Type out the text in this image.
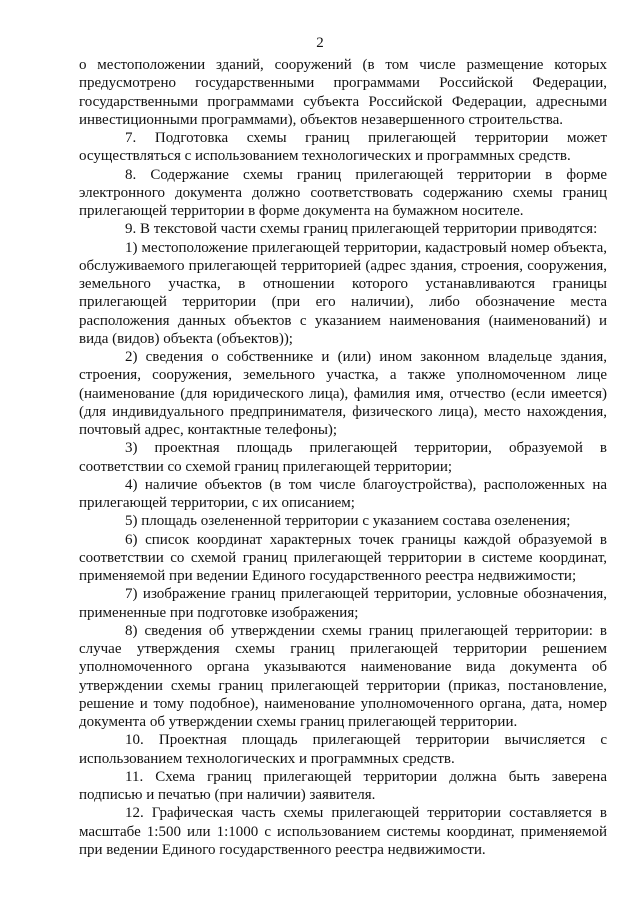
2

о местоположении зданий, сооружений (в том числе размещение которых предусмотрено государственными программами Российской Федерации, государственными программами субъекта Российской Федерации, адресными инвестиционными программами), объектов незавершенного строительства.

7. Подготовка схемы границ прилегающей территории может осуществляться с использованием технологических и программных средств.

8. Содержание схемы границ прилегающей территории в форме электронного документа должно соответствовать содержанию схемы границ прилегающей территории в форме документа на бумажном носителе.

9. В текстовой части схемы границ прилегающей территории приводятся:

1) местоположение прилегающей территории, кадастровый номер объекта, обслуживаемого прилегающей территорией (адрес здания, строения, сооружения, земельного участка, в отношении которого устанавливаются границы прилегающей территории (при его наличии), либо обозначение места расположения данных объектов с указанием наименования (наименований) и вида (видов) объекта (объектов));

2) сведения о собственнике и (или) ином законном владельце здания, строения, сооружения, земельного участка, а также уполномоченном лице (наименование (для юридического лица), фамилия имя, отчество (если имеется) (для индивидуального предпринимателя, физического лица), место нахождения, почтовый адрес, контактные телефоны);

3) проектная площадь прилегающей территории, образуемой в соответствии со схемой границ прилегающей территории;

4) наличие объектов (в том числе благоустройства), расположенных на прилегающей территории, с их описанием;

5) площадь озелененной территории с указанием состава озеленения;

6) список координат характерных точек границы каждой образуемой в соответствии со схемой границ прилегающей территории в системе координат, применяемой при ведении Единого государственного реестра недвижимости;

7) изображение границ прилегающей территории, условные обозначения, примененные при подготовке изображения;

8) сведения об утверждении схемы границ прилегающей территории: в случае утверждения схемы границ прилегающей территории решением уполномоченного органа указываются наименование вида документа об утверждении схемы границ прилегающей территории (приказ, постановление, решение и тому подобное), наименование уполномоченного органа, дата, номер документа об утверждении схемы границ прилегающей территории.

10. Проектная площадь прилегающей территории вычисляется с использованием технологических и программных средств.

11. Схема границ прилегающей территории должна быть заверена подписью и печатью (при наличии) заявителя.

12. Графическая часть схемы прилегающей территории составляется в масштабе 1:500 или 1:1000 с использованием системы координат, применяемой при ведении Единого государственного реестра недвижимости.
